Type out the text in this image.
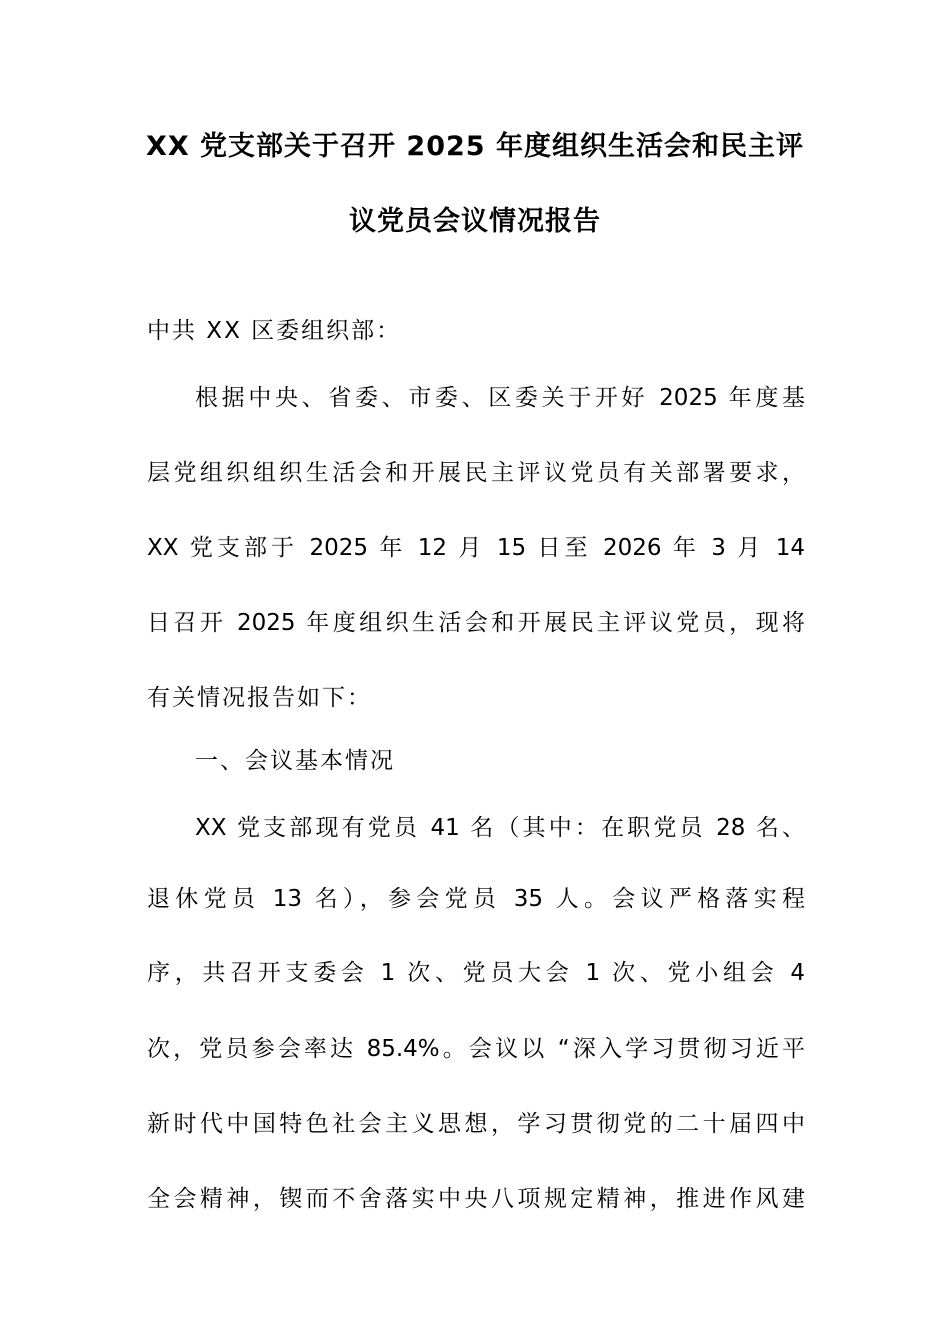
XX 党支部关于召开 2025 年度组织生活会和民主评
议党员会议情况报告
中共 XX 区委组织部：
根据中央、省委、市委、区委关于开好 2025 年度基
层党组织组织生活会和开展民主评议党员有关部署要求，
XX 党支部于 2025 年 12 月 15 日至 2026 年 3 月 14
日召开 2025 年度组织生活会和开展民主评议党员，现将
有关情况报告如下：
一、会议基本情况
XX 党支部现有党员 41 名（其中：在职党员 28 名、
退休党员 13 名），参会党员 35 人。会议严格落实程
序，共召开支委会 1 次、党员大会 1 次、党小组会 4
次，党员参会率达 85.4%。会议以 “深入学习贯彻习近平
新时代中国特色社会主义思想，学习贯彻党的二十届四中
全会精神，锲而不舍落实中央八项规定精神，推进作风建
